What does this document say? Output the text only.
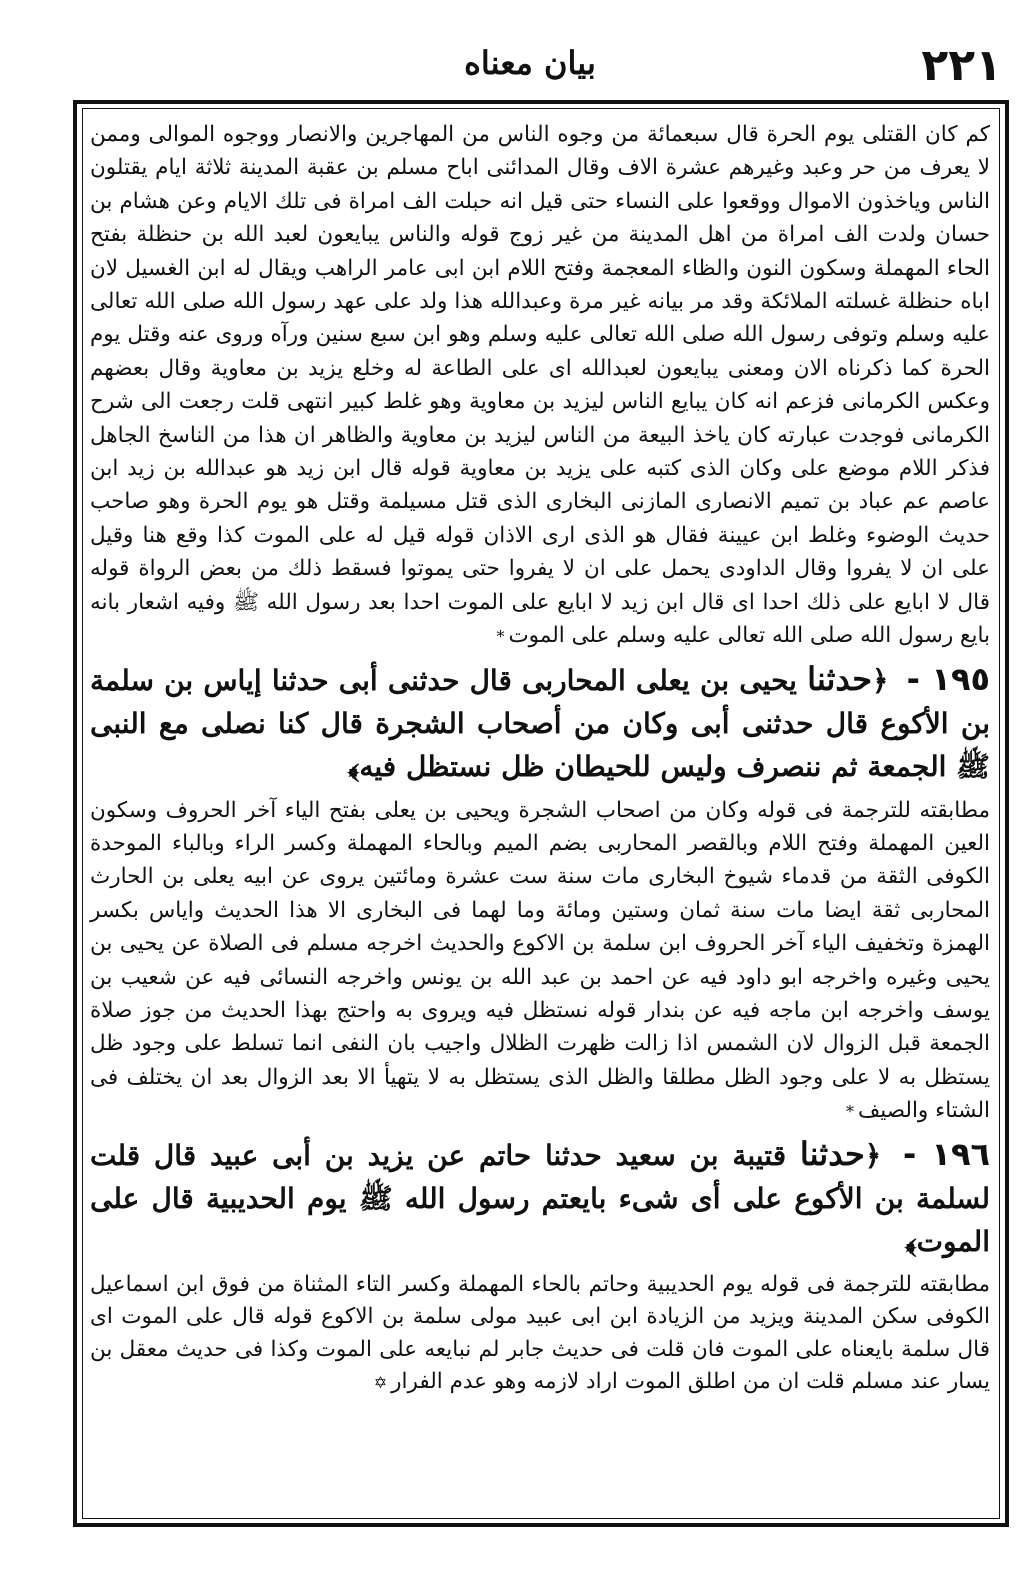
٢٢١
بيان معناه

كم كان القتلى يوم الحرة قال سبعمائة من وجوه الناس من المهاجرين والانصار ووجوه الموالى وممن لا يعرف من حر وعبد وغيرهم عشرة الاف وقال المدائنى اباح مسلم بن عقبة المدينة ثلاثة ايام يقتلون الناس وياخذون الاموال ووقعوا على النساء حتى قيل انه حبلت الف امراة فى تلك الايام وعن هشام بن حسان ولدت الف امراة من اهل المدينة من غير زوج قوله والناس يبايعون لعبد الله بن حنظلة بفتح الحاء المهملة وسكون النون والظاء المعجمة وفتح اللام ابن ابى عامر الراهب ويقال له ابن الغسيل لان اباه حنظلة غسلته الملائكة وقد مر بيانه غير مرة وعبدالله هذا ولد على عهد رسول الله صلى الله تعالى عليه وسلم وتوفى رسول الله صلى الله تعالى عليه وسلم وهو ابن سبع سنين ورآه وروى عنه وقتل يوم الحرة كما ذكرناه الان ومعنى يبايعون لعبدالله اى على الطاعة له وخلع يزيد بن معاوية وقال بعضهم وعكس الكرمانى فزعم انه كان يبايع الناس ليزيد بن معاوية وهو غلط كبير انتهى قلت رجعت الى شرح الكرمانى فوجدت عبارته كان ياخذ البيعة من الناس ليزيد بن معاوية والظاهر ان هذا من الناسخ الجاهل فذكر اللام موضع على وكان الذى كتبه على يزيد بن معاوية قوله قال ابن زيد هو عبدالله بن زيد ابن عاصم عم عباد بن تميم الانصارى المازنى البخارى الذى قتل مسيلمة وقتل هو يوم الحرة وهو صاحب حديث الوضوء وغلط ابن عيينة فقال هو الذى ارى الاذان قوله قيل له على الموت كذا وقع هنا وقيل على ان لا يفروا وقال الداودى يحمل على ان لا يفروا حتى يموتوا فسقط ذلك من بعض الرواة قوله قال لا ابايع على ذلك احدا اى قال ابن زيد لا ابايع على الموت احدا بعد رسول الله ﷺ وفيه اشعار بانه بايع رسول الله صلى الله تعالى عليه وسلم على الموت*

١٩٥ - ﴿حدثنا يحيى بن يعلى المحاربى قال حدثنى أبى حدثنا إياس بن سلمة بن الأكوع قال حدثنى أبى وكان من أصحاب الشجرة قال كنا نصلى مع النبى ﷺ الجمعة ثم ننصرف وليس للحيطان ظل نستظل فيه﴾

مطابقته للترجمة فى قوله وكان من اصحاب الشجرة ويحيى بن يعلى بفتح الياء آخر الحروف وسكون العين المهملة وفتح اللام وبالقصر المحاربى بضم الميم وبالحاء المهملة وكسر الراء وبالباء الموحدة الكوفى الثقة من قدماء شيوخ البخارى مات سنة ست عشرة ومائتين يروى عن ابيه يعلى بن الحارث المحاربى ثقة ايضا مات سنة ثمان وستين ومائة وما لهما فى البخارى الا هذا الحديث واياس بكسر الهمزة وتخفيف الياء آخر الحروف ابن سلمة بن الاكوع والحديث اخرجه مسلم فى الصلاة عن يحيى بن يحيى وغيره واخرجه ابو داود فيه عن احمد بن عبد الله بن يونس واخرجه النسائى فيه عن شعيب بن يوسف واخرجه ابن ماجه فيه عن بندار قوله نستظل فيه ويروى به واحتج بهذا الحديث من جوز صلاة الجمعة قبل الزوال لان الشمس اذا زالت ظهرت الظلال واجيب بان النفى انما تسلط على وجود ظل يستظل به لا على وجود الظل مطلقا والظل الذى يستظل به لا يتهيأ الا بعد الزوال بعد ان يختلف فى الشتاء والصيف*

١٩٦ - ﴿حدثنا قتيبة بن سعيد حدثنا حاتم عن يزيد بن أبى عبيد قال قلت لسلمة بن الأكوع على أى شىء بايعتم رسول الله ﷺ يوم الحديبية قال على الموت﴾

مطابقته للترجمة فى قوله يوم الحديبية وحاتم بالحاء المهملة وكسر التاء المثناة من فوق ابن اسماعيل الكوفى سكن المدينة ويزيد من الزيادة ابن ابى عبيد مولى سلمة بن الاكوع قوله قال على الموت اى قال سلمة بايعناه على الموت فان قلت فى حديث جابر لم نبايعه على الموت وكذا فى حديث معقل بن يسار عند مسلم قلت ان من اطلق الموت اراد لازمه وهو عدم الفرار✡
